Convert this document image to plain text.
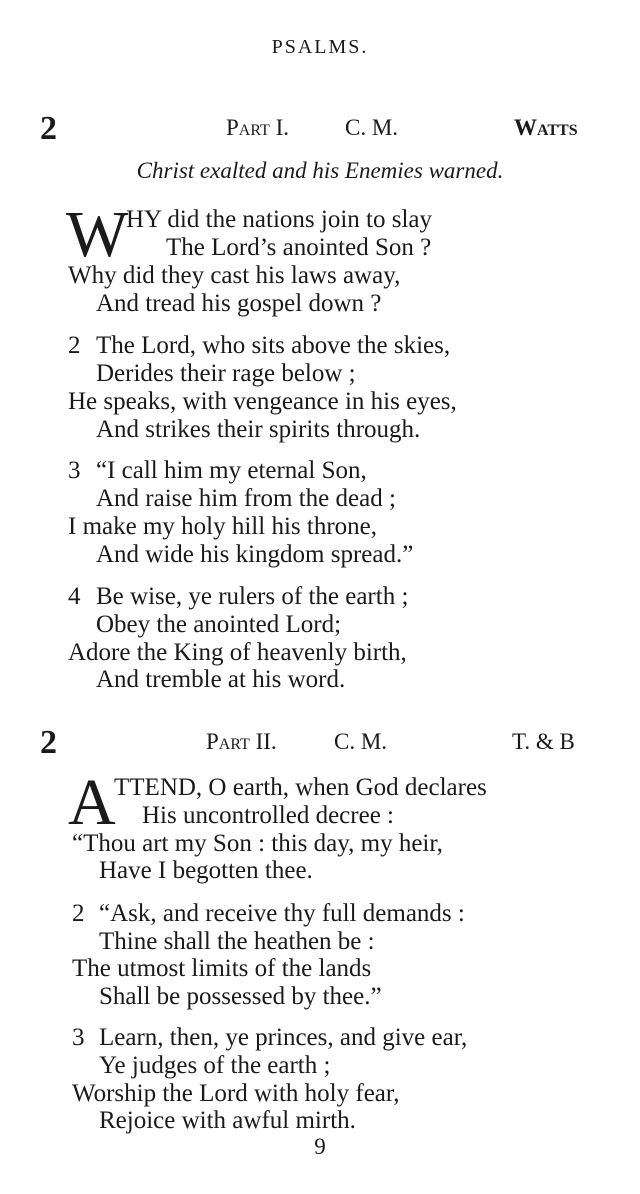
PSALMS.
2	Part I. C. M.	Watts
Christ exalted and his Enemies warned.
W
HY did the nations join to slay
The Lord’s anointed Son ?
Why did they cast his laws away,
And tread his gospel down ?
2 The Lord, who sits above the skies,
Derides their rage below ;
He speaks, with vengeance in his eyes,
And strikes their spirits through.
3 “I call him my eternal Son,
And raise him from the dead ;
I make my holy hill his throne,
And wide his kingdom spread.”
4 Be wise, ye rulers of the earth ;
Obey the anointed Lord;
Adore the King of heavenly birth,
And tremble at his word.
2	Part II. C. M.	T. & B
A
TTEND, O earth, when God declares
His uncontrolled decree :
“Thou art my Son : this day, my heir,
Have I begotten thee.
2 “Ask, and receive thy full demands :
Thine shall the heathen be :
The utmost limits of the lands
Shall be possessed by thee.”
3 Learn, then, ye princes, and give ear,
Ye judges of the earth ;
Worship the Lord with holy fear,
Rejoice with awful mirth.
9
